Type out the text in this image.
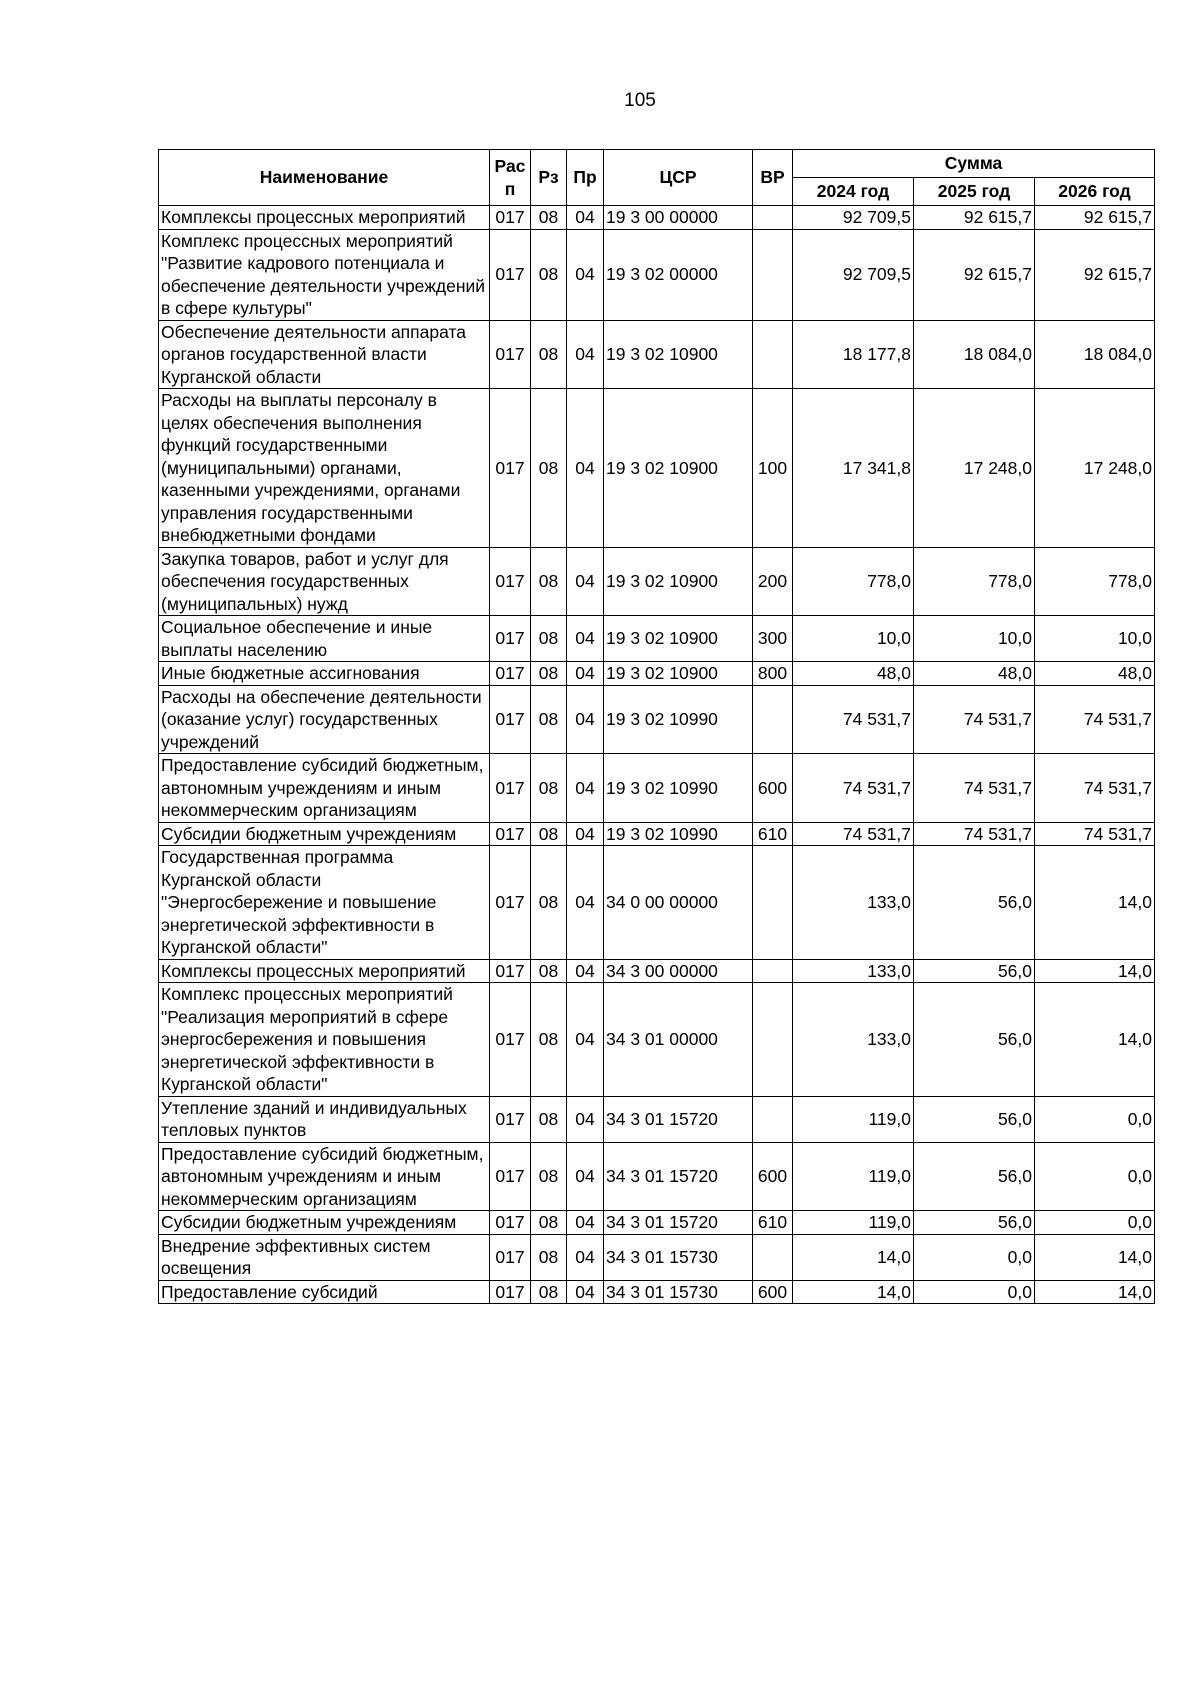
105
Наименование	Рас п	Рз	Пр	ЦСР	ВР	Сумма		
						2024 год	2025 год	2026 год
Комплексы процессных мероприятий	017	08	04	19 3 00 00000		92 709,5	92 615,7	92 615,7
Комплекс процессных мероприятий "Развитие кадрового потенциала и обеспечение деятельности учреждений в сфере культуры"	017	08	04	19 3 02 00000		92 709,5	92 615,7	92 615,7
Обеспечение деятельности аппарата органов государственной власти Курганской области	017	08	04	19 3 02 10900		18 177,8	18 084,0	18 084,0
Расходы на выплаты персоналу в целях обеспечения выполнения функций государственными (муниципальными) органами, казенными учреждениями, органами управления государственными внебюджетными фондами	017	08	04	19 3 02 10900	100	17 341,8	17 248,0	17 248,0
Закупка товаров, работ и услуг для обеспечения государственных (муниципальных) нужд	017	08	04	19 3 02 10900	200	778,0	778,0	778,0
Социальное обеспечение и иные выплаты населению	017	08	04	19 3 02 10900	300	10,0	10,0	10,0
Иные бюджетные ассигнования	017	08	04	19 3 02 10900	800	48,0	48,0	48,0
Расходы на обеспечение деятельности (оказание услуг) государственных учреждений	017	08	04	19 3 02 10990		74 531,7	74 531,7	74 531,7
Предоставление субсидий бюджетным, автономным учреждениям и иным некоммерческим организациям	017	08	04	19 3 02 10990	600	74 531,7	74 531,7	74 531,7
Субсидии бюджетным учреждениям	017	08	04	19 3 02 10990	610	74 531,7	74 531,7	74 531,7
Государственная программа Курганской области "Энергосбережение и повышение энергетической эффективности в Курганской области"	017	08	04	34 0 00 00000		133,0	56,0	14,0
Комплексы процессных мероприятий	017	08	04	34 3 00 00000		133,0	56,0	14,0
Комплекс процессных мероприятий "Реализация мероприятий в сфере энергосбережения и повышения энергетической эффективности в Курганской области"	017	08	04	34 3 01 00000		133,0	56,0	14,0
Утепление зданий и индивидуальных тепловых пунктов	017	08	04	34 3 01 15720		119,0	56,0	0,0
Предоставление субсидий бюджетным, автономным учреждениям и иным некоммерческим организациям	017	08	04	34 3 01 15720	600	119,0	56,0	0,0
Субсидии бюджетным учреждениям	017	08	04	34 3 01 15720	610	119,0	56,0	0,0
Внедрение эффективных систем освещения	017	08	04	34 3 01 15730		14,0	0,0	14,0
Предоставление субсидий	017	08	04	34 3 01 15730	600	14,0	0,0	14,0
